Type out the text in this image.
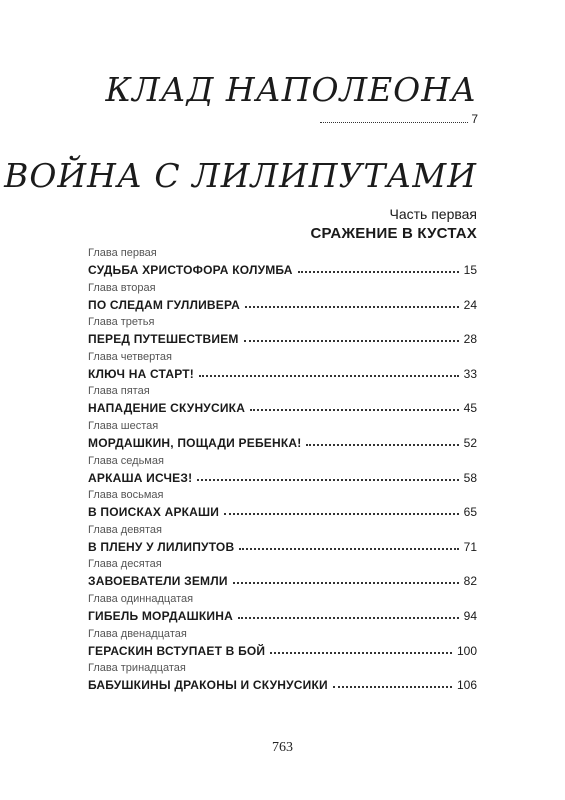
КЛАД НАПОЛЕОНА
7
ВОЙНА С ЛИЛИПУТАМИ
Часть первая
СРАЖЕНИЕ В КУСТАХ
Глава первая
СУДЬБА ХРИСТОФОРА КОЛУМБА	15
Глава вторая
ПО СЛЕДАМ ГУЛЛИВЕРА	24
Глава третья
ПЕРЕД ПУТЕШЕСТВИЕМ	28
Глава четвертая
КЛЮЧ НА СТАРТ!	33
Глава пятая
НАПАДЕНИЕ СКУНУСИКА	45
Глава шестая
МОРДАШКИН, ПОЩАДИ РЕБЕНКА!	52
Глава седьмая
АРКАША ИСЧЕЗ!	58
Глава восьмая
В ПОИСКАХ АРКАШИ	65
Глава девятая
В ПЛЕНУ У ЛИЛИПУТОВ	71
Глава десятая
ЗАВОЕВАТЕЛИ ЗЕМЛИ	82
Глава одиннадцатая
ГИБЕЛЬ МОРДАШКИНА	94
Глава двенадцатая
ГЕРАСКИН ВСТУПАЕТ В БОЙ	100
Глава тринадцатая
БАБУШКИНЫ ДРАКОНЫ И СКУНУСИКИ	106
763
